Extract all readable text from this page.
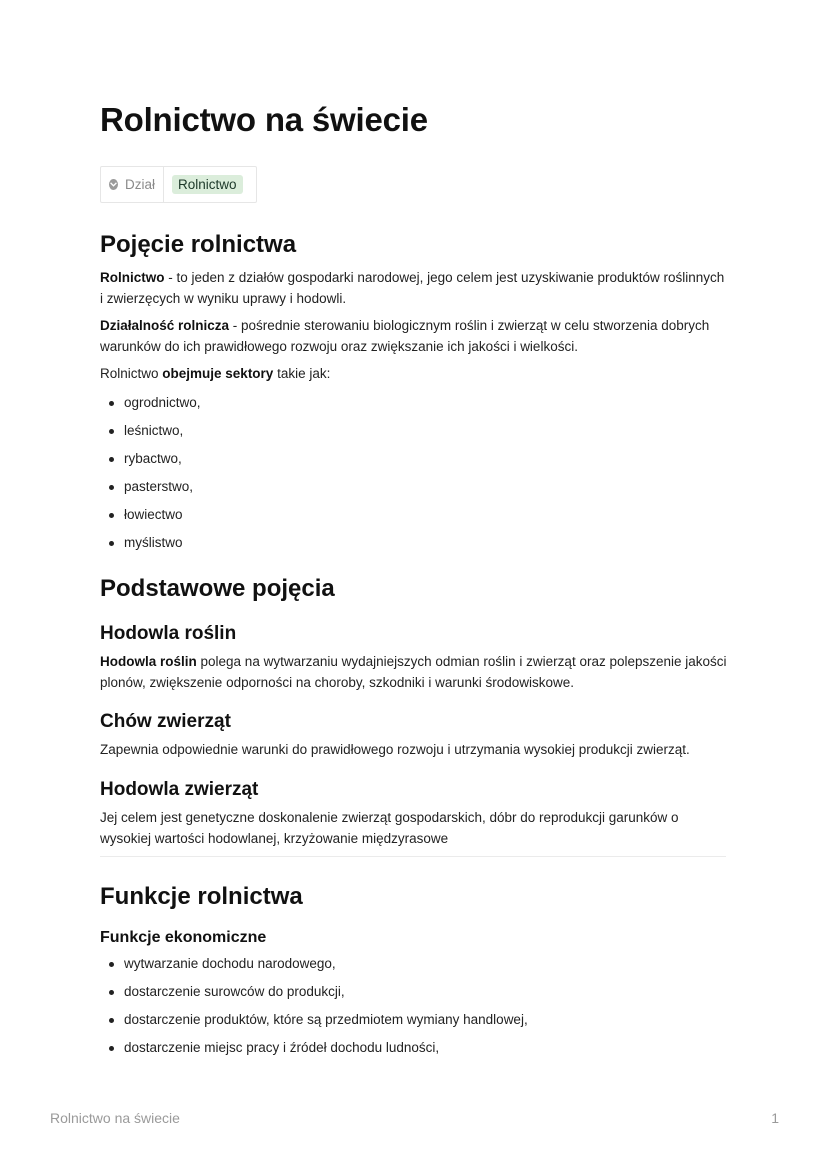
Rolnictwo na świecie
Dział	Rolnictwo
Pojęcie rolnictwa

Rolnictwo - to jeden z działów gospodarki narodowej, jego celem jest uzyskiwanie produktów roślinnych i zwierzęcych w wyniku uprawy i hodowli.

Działalność rolnicza - pośrednie sterowaniu biologicznym roślin i zwierząt w celu stworzenia dobrych warunków do ich prawidłowego rozwoju oraz zwiększanie ich jakości i wielkości.

Rolnictwo obejmuje sektory takie jak:

ogrodnictwo,
leśnictwo,
rybactwo,
pasterstwo,
łowiectwo
myślistwo
Podstawowe pojęcia
Hodowla roślin

Hodowla roślin polega na wytwarzaniu wydajniejszych odmian roślin i zwierząt oraz polepszenie jakości plonów, zwiększenie odporności na choroby, szkodniki i warunki środowiskowe.

Chów zwierząt

Zapewnia odpowiednie warunki do prawidłowego rozwoju i utrzymania wysokiej produkcji zwierząt.

Hodowla zwierząt

Jej celem jest genetyczne doskonalenie zwierząt gospodarskich, dóbr do reprodukcji garunków o wysokiej wartości hodowlanej, krzyżowanie międzyrasowe

Funkcje rolnictwa
Funkcje ekonomiczne
wytwarzanie dochodu narodowego,
dostarczenie surowców do produkcji,
dostarczenie produktów, które są przedmiotem wymiany handlowej,
dostarczenie miejsc pracy i źródeł dochodu ludności,
Rolnictwo na świecie	1
